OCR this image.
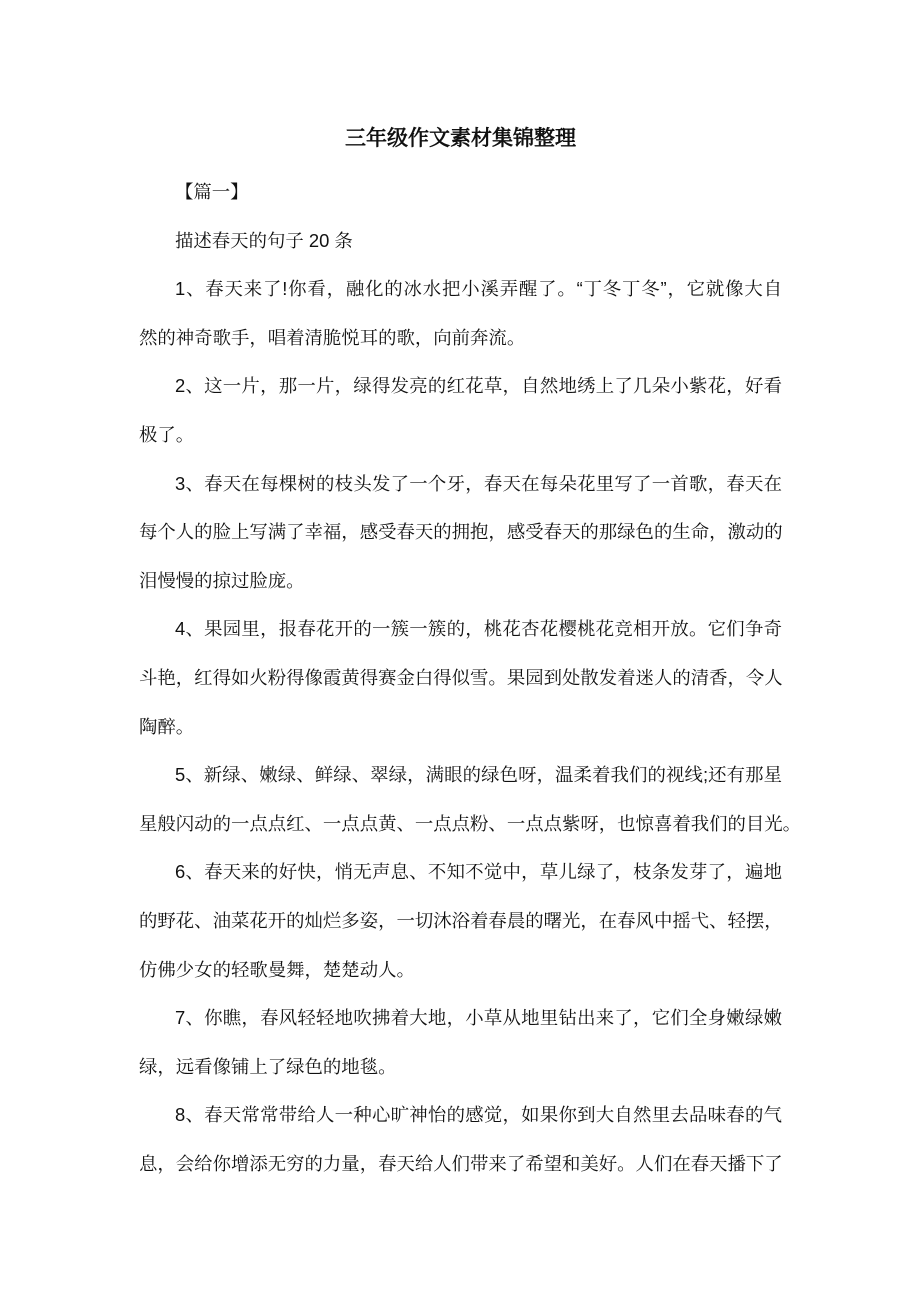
三年级作文素材集锦整理
【篇一】
描述春天的句子 20 条
1、春天来了!你看，融化的冰水把小溪弄醒了。“丁冬丁冬”，它就像大自
然的神奇歌手，唱着清脆悦耳的歌，向前奔流。
2、这一片，那一片，绿得发亮的红花草，自然地绣上了几朵小紫花，好看
极了。
3、春天在每棵树的枝头发了一个牙，春天在每朵花里写了一首歌，春天在
每个人的脸上写满了幸福，感受春天的拥抱，感受春天的那绿色的生命，激动的
泪慢慢的掠过脸庞。
4、果园里，报春花开的一簇一簇的，桃花杏花樱桃花竞相开放。它们争奇
斗艳，红得如火粉得像霞黄得赛金白得似雪。果园到处散发着迷人的清香，令人
陶醉。
5、新绿、嫩绿、鲜绿、翠绿，满眼的绿色呀，温柔着我们的视线;还有那星
星般闪动的一点点红、一点点黄、一点点粉、一点点紫呀，也惊喜着我们的目光。
6、春天来的好快，悄无声息、不知不觉中，草儿绿了，枝条发芽了，遍地
的野花、油菜花开的灿烂多姿，一切沐浴着春晨的曙光，在春风中摇弋、轻摆，
仿佛少女的轻歌曼舞，楚楚动人。
7、你瞧，春风轻轻地吹拂着大地，小草从地里钻出来了，它们全身嫩绿嫩
绿，远看像铺上了绿色的地毯。
8、春天常常带给人一种心旷神怡的感觉，如果你到大自然里去品味春的气
息，会给你增添无穷的力量，春天给人们带来了希望和美好。人们在春天播下了
